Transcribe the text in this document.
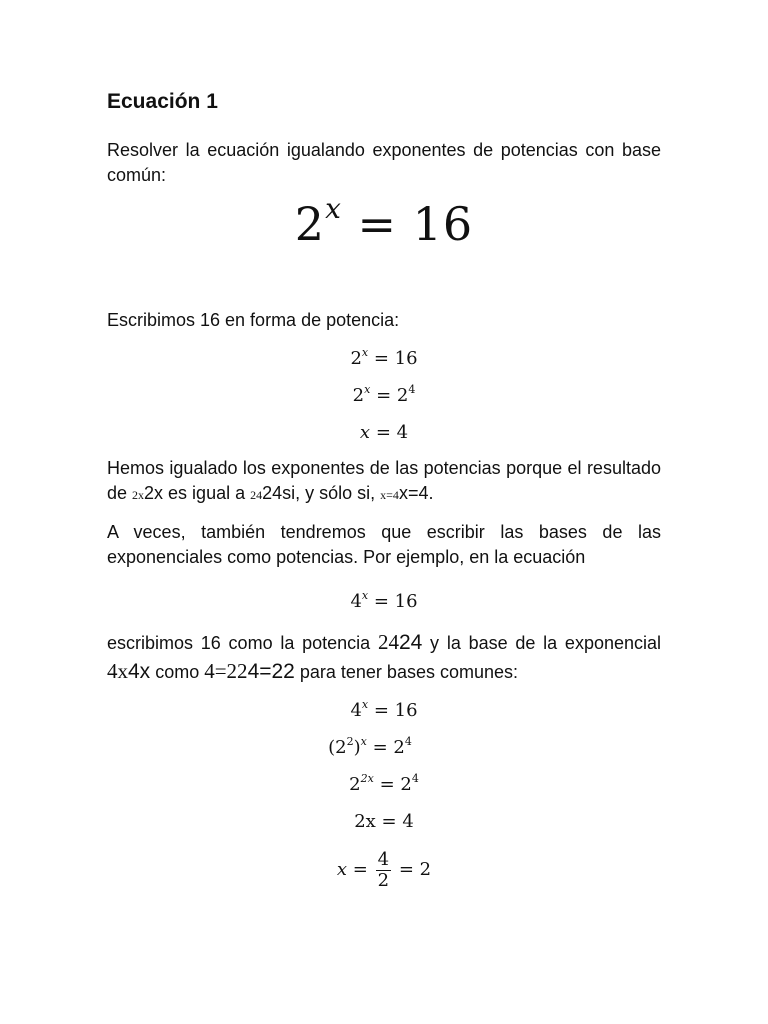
Ecuación 1
Resolver la ecuación igualando exponentes de potencias con base común:
$2^x = 16$
Escribimos 16 en forma de potencia:
$2^x = 16$
$2^x = 2^4$
x = 4
Hemos igualado los exponentes de las potencias porque el resultado de 2x2x es igual a 2424si, y sólo si, x=4x=4.
A veces, también tendremos que escribir las bases de las exponenciales como potencias. Por ejemplo, en la ecuación
$4^x = 16$
escribimos 16 como la potencia 2424 y la base de la exponencial 4x4x como 4=224=22 para tener bases comunes:
$4^x = 16$
$(2^2)^x = 2^4$
$2^{2x} = 2^4$
2x = 4
$x = \frac{4}{2} = 2$
